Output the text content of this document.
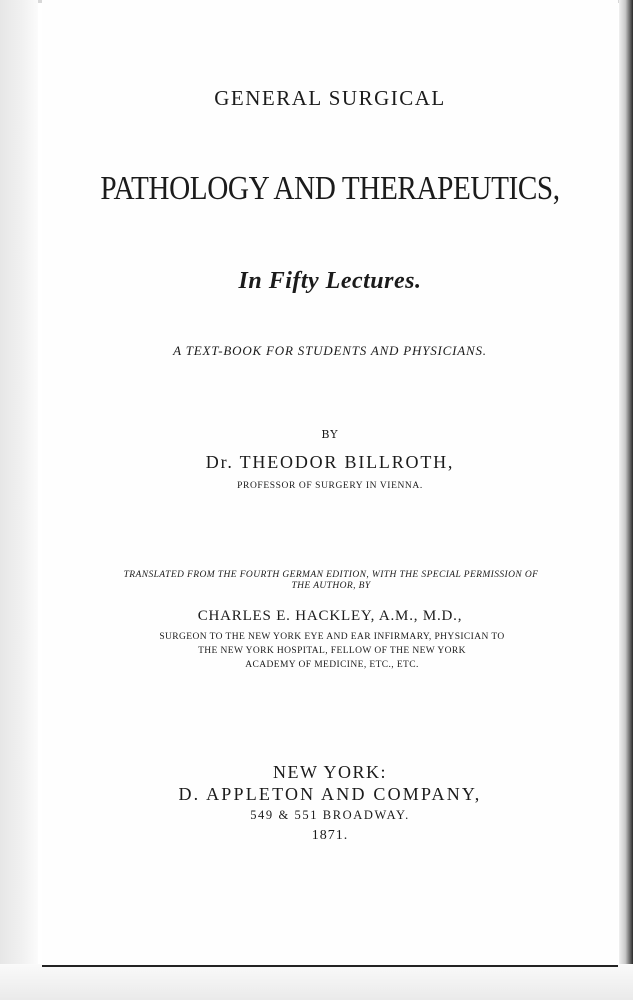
GENERAL SURGICAL

PATHOLOGY AND THERAPEUTICS,

In Fifty Lectures.

A TEXT-BOOK FOR STUDENTS AND PHYSICIANS.

BY

Dr. THEODOR BILLROTH,

PROFESSOR OF SURGERY IN VIENNA.

TRANSLATED FROM THE FOURTH GERMAN EDITION, WITH THE SPECIAL PERMISSION OF THE AUTHOR, BY

CHARLES E. HACKLEY, A.M., M.D.,

SURGEON TO THE NEW YORK EYE AND EAR INFIRMARY, PHYSICIAN TO
THE NEW YORK HOSPITAL, FELLOW OF THE NEW YORK
ACADEMY OF MEDICINE, ETC., ETC.

NEW YORK:

D. APPLETON AND COMPANY,

549 & 551 BROADWAY.

1871.
